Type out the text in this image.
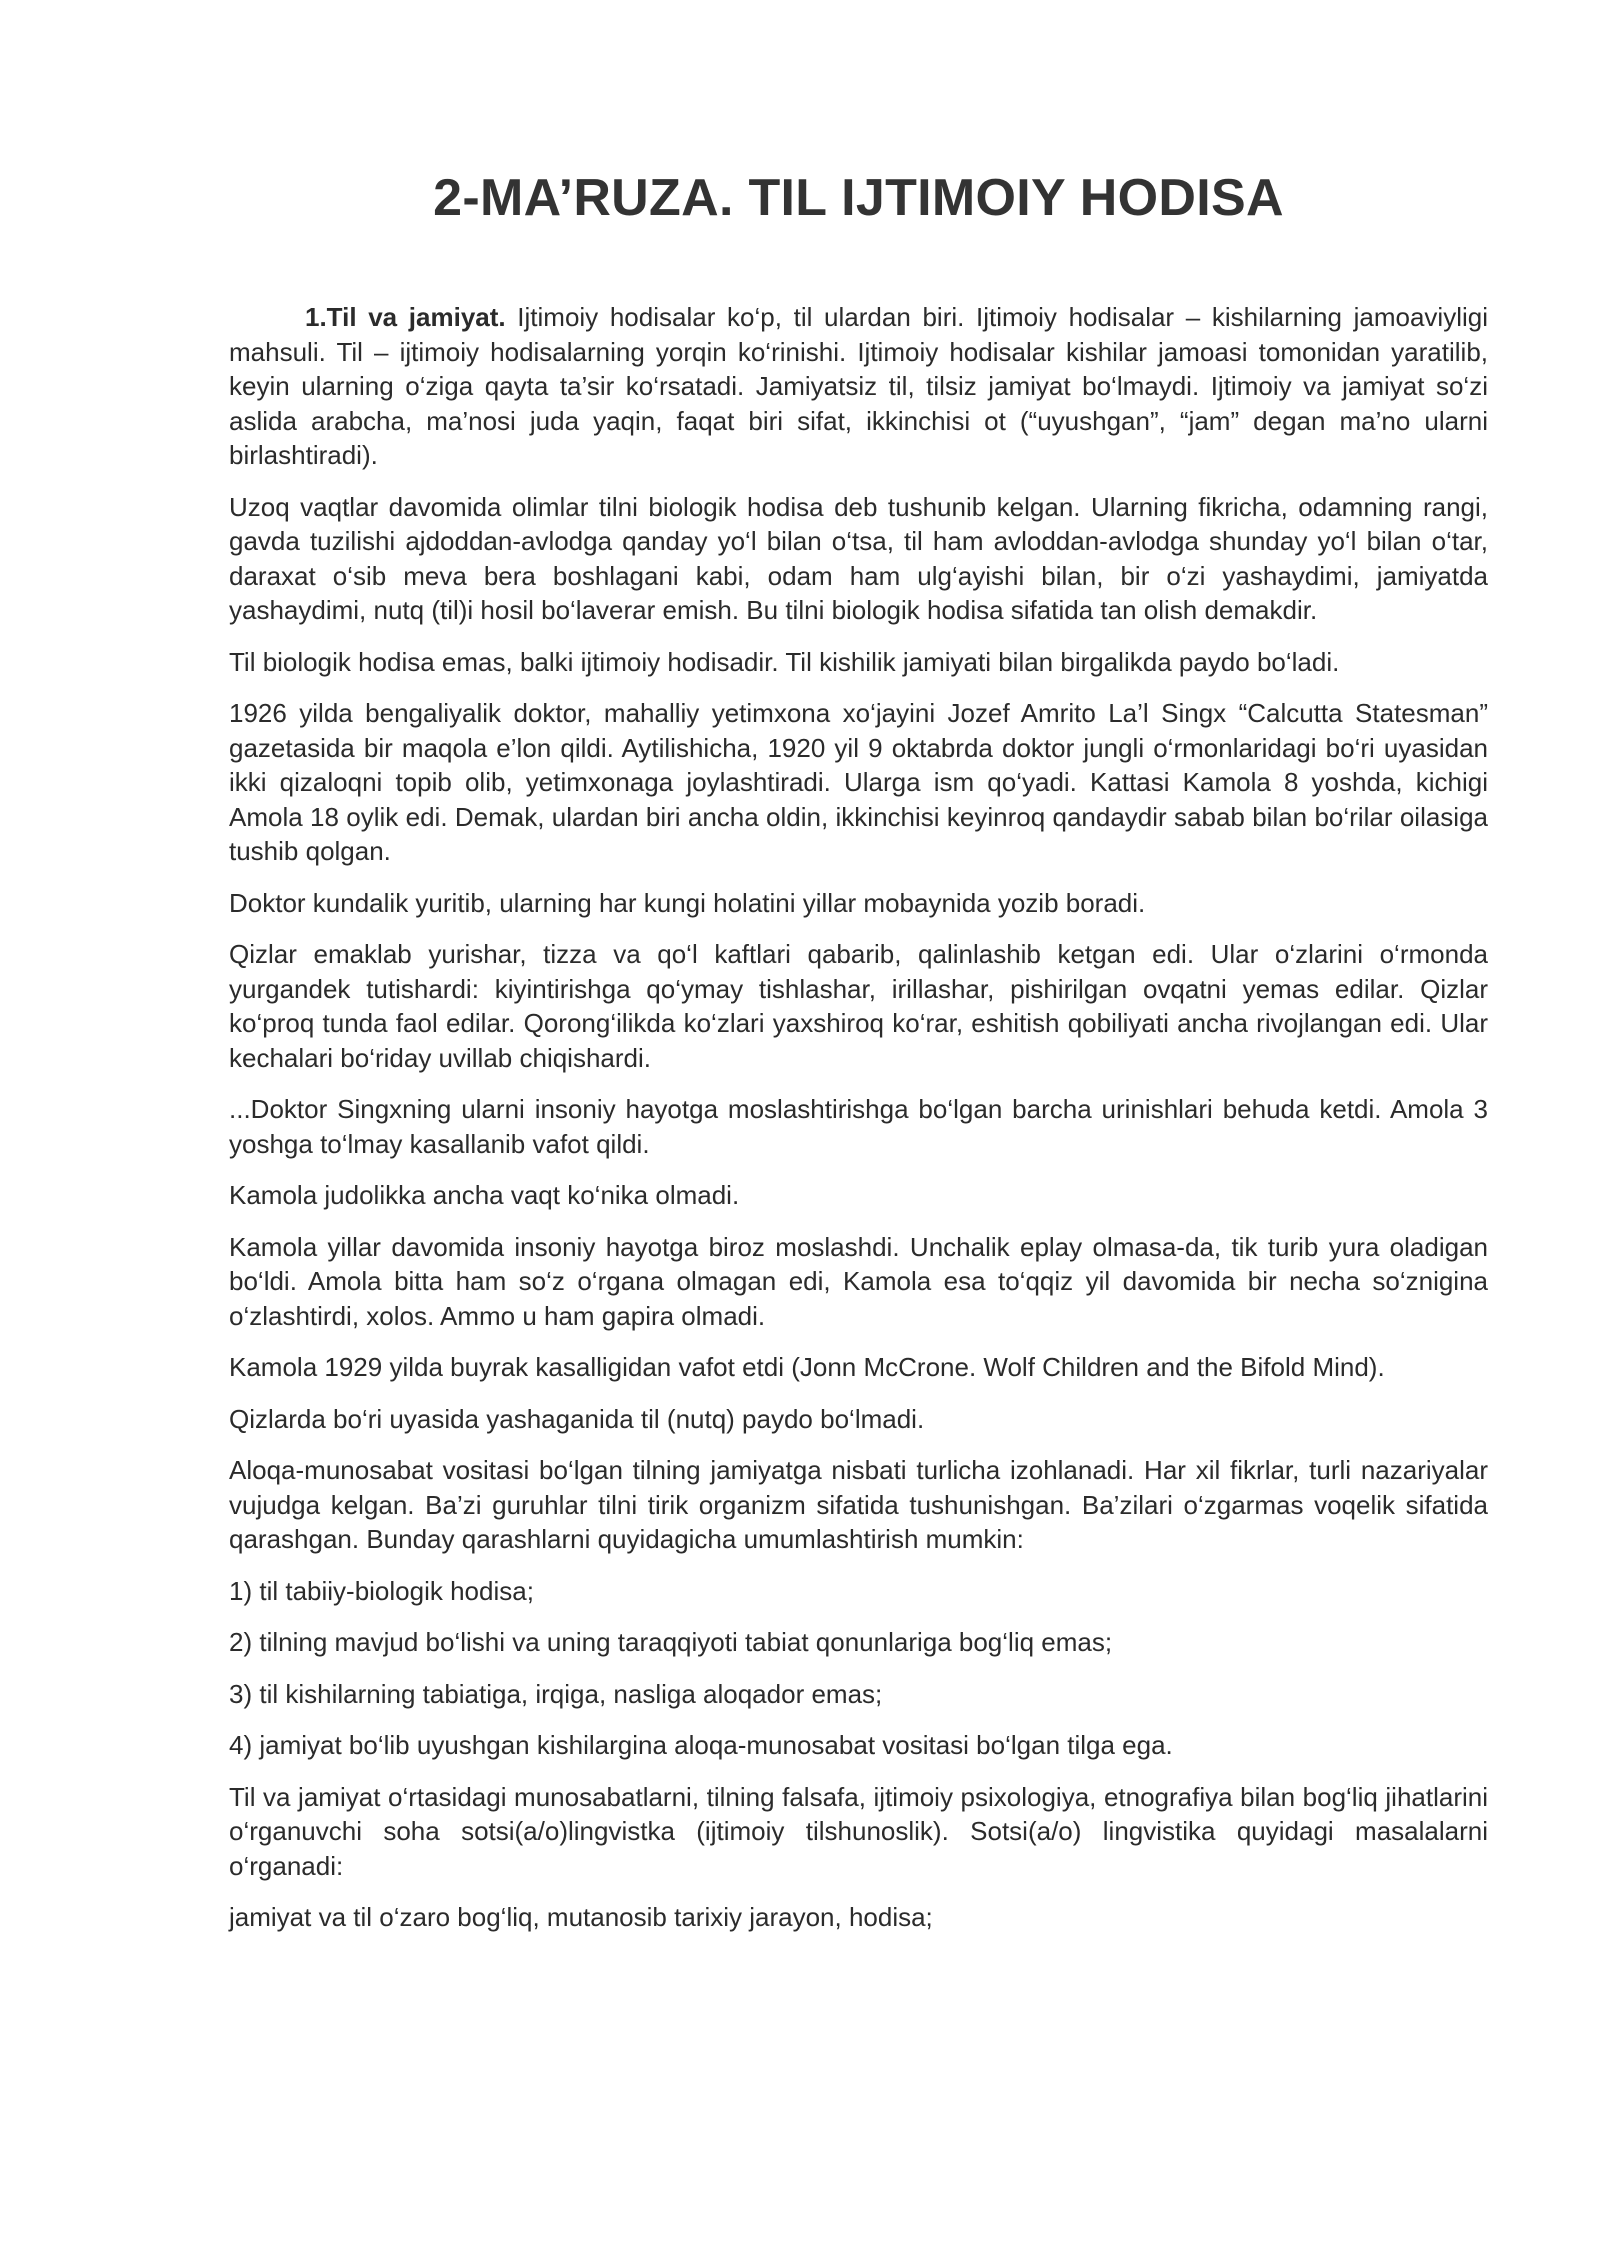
2-MA’RUZA. TIL IJTIMOIY HODISA

1.Til va jamiyat. Ijtimoiy hodisalar ko‘p, til ulardan biri. Ijtimoiy hodisalar – kishilarning jamoaviyligi mahsuli. Til – ijtimoiy hodisalarning yorqin ko‘rinishi. Ijtimoiy hodisalar kishilar jamoasi tomonidan yaratilib, keyin ularning o‘ziga qayta ta’sir ko‘rsatadi. Jamiyatsiz til, tilsiz jamiyat bo‘lmaydi. Ijtimoiy va jamiyat so‘zi aslida arabcha, ma’nosi juda yaqin, faqat biri sifat, ikkinchisi ot (“uyushgan”, “jam” degan ma’no ularni birlashtiradi).

Uzoq vaqtlar davomida olimlar tilni biologik hodisa deb tushunib kelgan. Ularning fikricha, odamning rangi, gavda tuzilishi ajdoddan-avlodga qanday yo‘l bilan o‘tsa, til ham avloddan-avlodga shunday yo‘l bilan o‘tar, daraxat o‘sib meva bera boshlagani kabi, odam ham ulg‘ayishi bilan, bir o‘zi yashaydimi, jamiyatda yashaydimi, nutq (til)i hosil bo‘laverar emish. Bu tilni biologik hodisa sifatida tan olish demakdir.

Til biologik hodisa emas, balki ijtimoiy hodisadir. Til kishilik jamiyati bilan birgalikda paydo bo‘ladi.

1926 yilda bengaliyalik doktor, mahalliy yetimxona xo‘jayini Jozef Amrito La’l Singx “Calcutta Statesman” gazetasida bir maqola e’lon qildi. Aytilishicha, 1920 yil 9 oktabrda doktor jungli o‘rmonlaridagi bo‘ri uyasidan ikki qizaloqni topib olib, yetimxonaga joylashtiradi. Ularga ism qo‘yadi. Kattasi Kamola 8 yoshda, kichigi Amola 18 oylik edi. Demak, ulardan biri ancha oldin, ikkinchisi keyinroq qandaydir sabab bilan bo‘rilar oilasiga tushib qolgan.

Doktor kundalik yuritib, ularning har kungi holatini yillar mobaynida yozib boradi.

Qizlar emaklab yurishar, tizza va qo‘l kaftlari qabarib, qalinlashib ketgan edi. Ular o‘zlarini o‘rmonda yurgandek tutishardi: kiyintirishga qo‘ymay tishlashar, irillashar, pishirilgan ovqatni yemas edilar. Qizlar ko‘proq tunda faol edilar. Qorong‘ilikda ko‘zlari yaxshiroq ko‘rar, eshitish qobiliyati ancha rivojlangan edi. Ular kechalari bo‘riday uvillab chiqishardi.

...Doktor Singxning ularni insoniy hayotga moslashtirishga bo‘lgan barcha urinishlari behuda ketdi. Amola 3 yoshga to‘lmay kasallanib vafot qildi.

Kamola judolikka ancha vaqt ko‘nika olmadi.

Kamola yillar davomida insoniy hayotga biroz moslashdi. Unchalik eplay olmasa-da, tik turib yura oladigan bo‘ldi. Amola bitta ham so‘z o‘rgana olmagan edi, Kamola esa to‘qqiz yil davomida bir necha so‘znigina o‘zlashtirdi, xolos. Ammo u ham gapira olmadi.

Kamola 1929 yilda buyrak kasalligidan vafot etdi (Jonn McCrone. Wolf Children and the Bifold Mind).

Qizlarda bo‘ri uyasida yashaganida til (nutq) paydo bo‘lmadi.

Aloqa-munosabat vositasi bo‘lgan tilning jamiyatga nisbati turlicha izohlanadi. Har xil fikrlar, turli nazariyalar vujudga kelgan. Ba’zi guruhlar tilni tirik organizm sifatida tushunishgan. Ba’zilari o‘zgarmas voqelik sifatida qarashgan. Bunday qarashlarni quyidagicha umumlashtirish mumkin:

1) til tabiiy-biologik hodisa;

2) tilning mavjud bo‘lishi va uning taraqqiyoti tabiat qonunlariga bog‘liq emas;

3) til kishilarning tabiatiga, irqiga, nasliga aloqador emas;

4) jamiyat bo‘lib uyushgan kishilargina aloqa-munosabat vositasi bo‘lgan tilga ega.

Til va jamiyat o‘rtasidagi munosabatlarni, tilning falsafa, ijtimoiy psixologiya, etnografiya bilan bog‘liq jihatlarini o‘rganuvchi soha sotsi(a/o)lingvistka (ijtimoiy tilshunoslik). Sotsi(a/o) lingvistika quyidagi masalalarni o‘rganadi:

jamiyat va til o‘zaro bog‘liq, mutanosib tarixiy jarayon, hodisa;
